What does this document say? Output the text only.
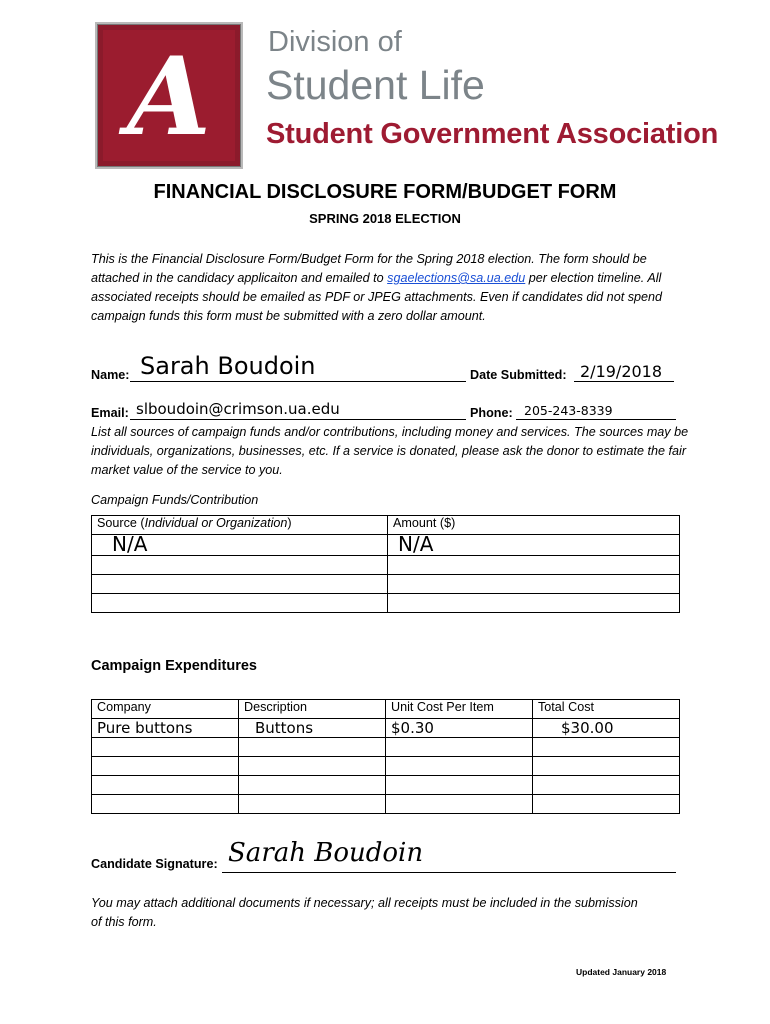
A Division of
Student Life
Student Government Association
FINANCIAL DISCLOSURE FORM/BUDGET FORM
SPRING 2018 ELECTION
This is the Financial Disclosure Form/Budget Form for the Spring 2018 election. The form should be attached in the candidacy applicaiton and emailed to sgaelections@sa.ua.edu per election timeline. All associated receipts should be emailed as PDF or JPEG attachments. Even if candidates did not spend campaign funds this form must be submitted with a zero dollar amount.
Name: Sarah Boudoin	Date Submitted: 2/19/2018
Email: slboudoin@crimson.ua.edu	Phone: 205-243-8339
List all sources of campaign funds and/or contributions, including money and services. The sources may be individuals, organizations, businesses, etc. If a service is donated, please ask the donor to estimate the fair market value of the service to you.
Campaign Funds/Contribution
Source (Individual or Organization)	Amount ($)
N/A	N/A

Campaign Expenditures
Company	Description	Unit Cost Per Item	Total Cost
Pure buttons	Buttons	$0.30	$30.00

Candidate Signature: Sarah Boudoin
You may attach additional documents if necessary; all receipts must be included in the submission of this form.
Updated January 2018
